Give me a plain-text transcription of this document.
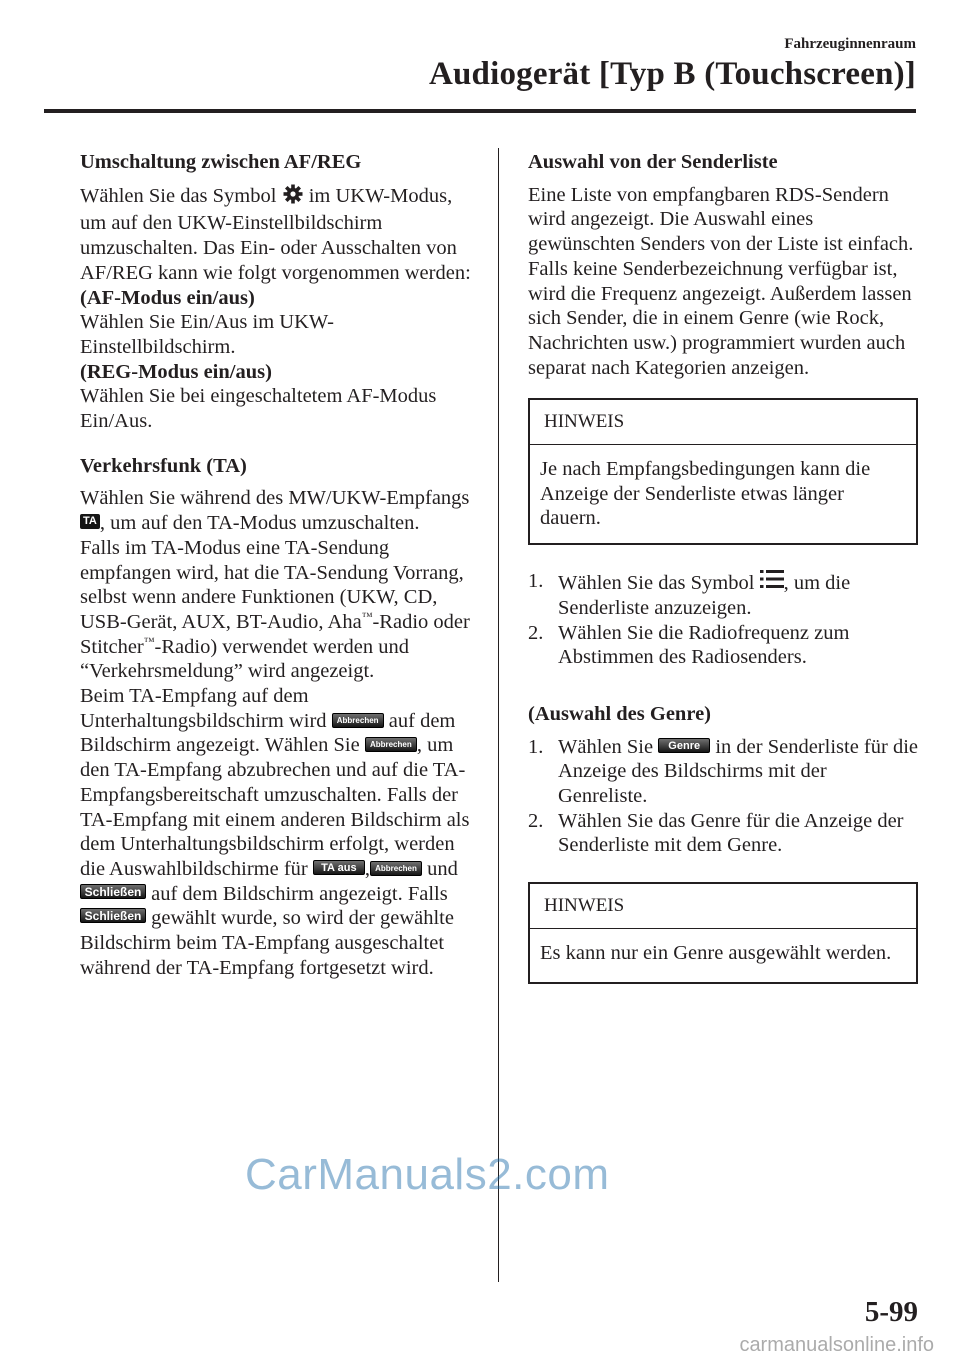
Fahrzeuginnenraum
Audiogerät [Typ B (Touchscreen)]
Umschaltung zwischen AF/REG

Wählen Sie das Symbol im UKW-Modus, um auf den UKW-Einstellbildschirm umzuschalten. Das Ein- oder Ausschalten von AF/REG kann wie folgt vorgenommen werden:

(AF-Modus ein/aus)

Wählen Sie Ein/Aus im UKW-Einstellbildschirm.

(REG-Modus ein/aus)

Wählen Sie bei eingeschaltetem AF-Modus Ein/Aus.

Verkehrsfunk (TA)

Wählen Sie während des MW/UKW-Empfangs TA , um auf den TA-Modus umzuschalten.

Falls im TA-Modus eine TA-Sendung empfangen wird, hat die TA-Sendung Vorrang, selbst wenn andere Funktionen (UKW, CD, USB-Gerät, AUX, BT-Audio, Aha™-Radio oder Stitcher™-Radio) verwendet werden und “Verkehrsmeldung” wird angezeigt.

Beim TA-Empfang auf dem Unterhaltungsbildschirm wird Abbrechen auf dem Bildschirm angezeigt. Wählen Sie Abbrechen , um den TA-Empfang abzubrechen und auf die TA-Empfangsbereitschaft umzuschalten. Falls der TA-Empfang mit einem anderen Bildschirm als dem Unterhaltungsbildschirm erfolgt, werden die Auswahlbildschirme für TA aus , Abbrechen und Schließen auf dem Bildschirm angezeigt. Falls Schließen gewählt wurde, so wird der gewählte Bildschirm beim TA-Empfang ausgeschaltet während der TA-Empfang fortgesetzt wird.

Auswahl von der Senderliste

Eine Liste von empfangbaren RDS-Sendern wird angezeigt. Die Auswahl eines gewünschten Senders von der Liste ist einfach. Falls keine Senderbezeichnung verfügbar ist, wird die Frequenz angezeigt. Außerdem lassen sich Sender, die in einem Genre (wie Rock, Nachrichten usw.) programmiert wurden auch separat nach Kategorien anzeigen.

HINWEIS
Je nach Empfangsbedingungen kann die Anzeige der Senderliste etwas länger dauern.
1. Wählen Sie das Symbol , um die Senderliste anzuzeigen.
2. Wählen Sie die Radiofrequenz zum Abstimmen des Radiosenders.
(Auswahl des Genre)
1. Wählen Sie Genre in der Senderliste für die Anzeige des Bildschirms mit der Genreliste.
2. Wählen Sie das Genre für die Anzeige der Senderliste mit dem Genre.
HINWEIS
Es kann nur ein Genre ausgewählt werden.
CarManuals2.com
5-99
carmanualsonline.info
